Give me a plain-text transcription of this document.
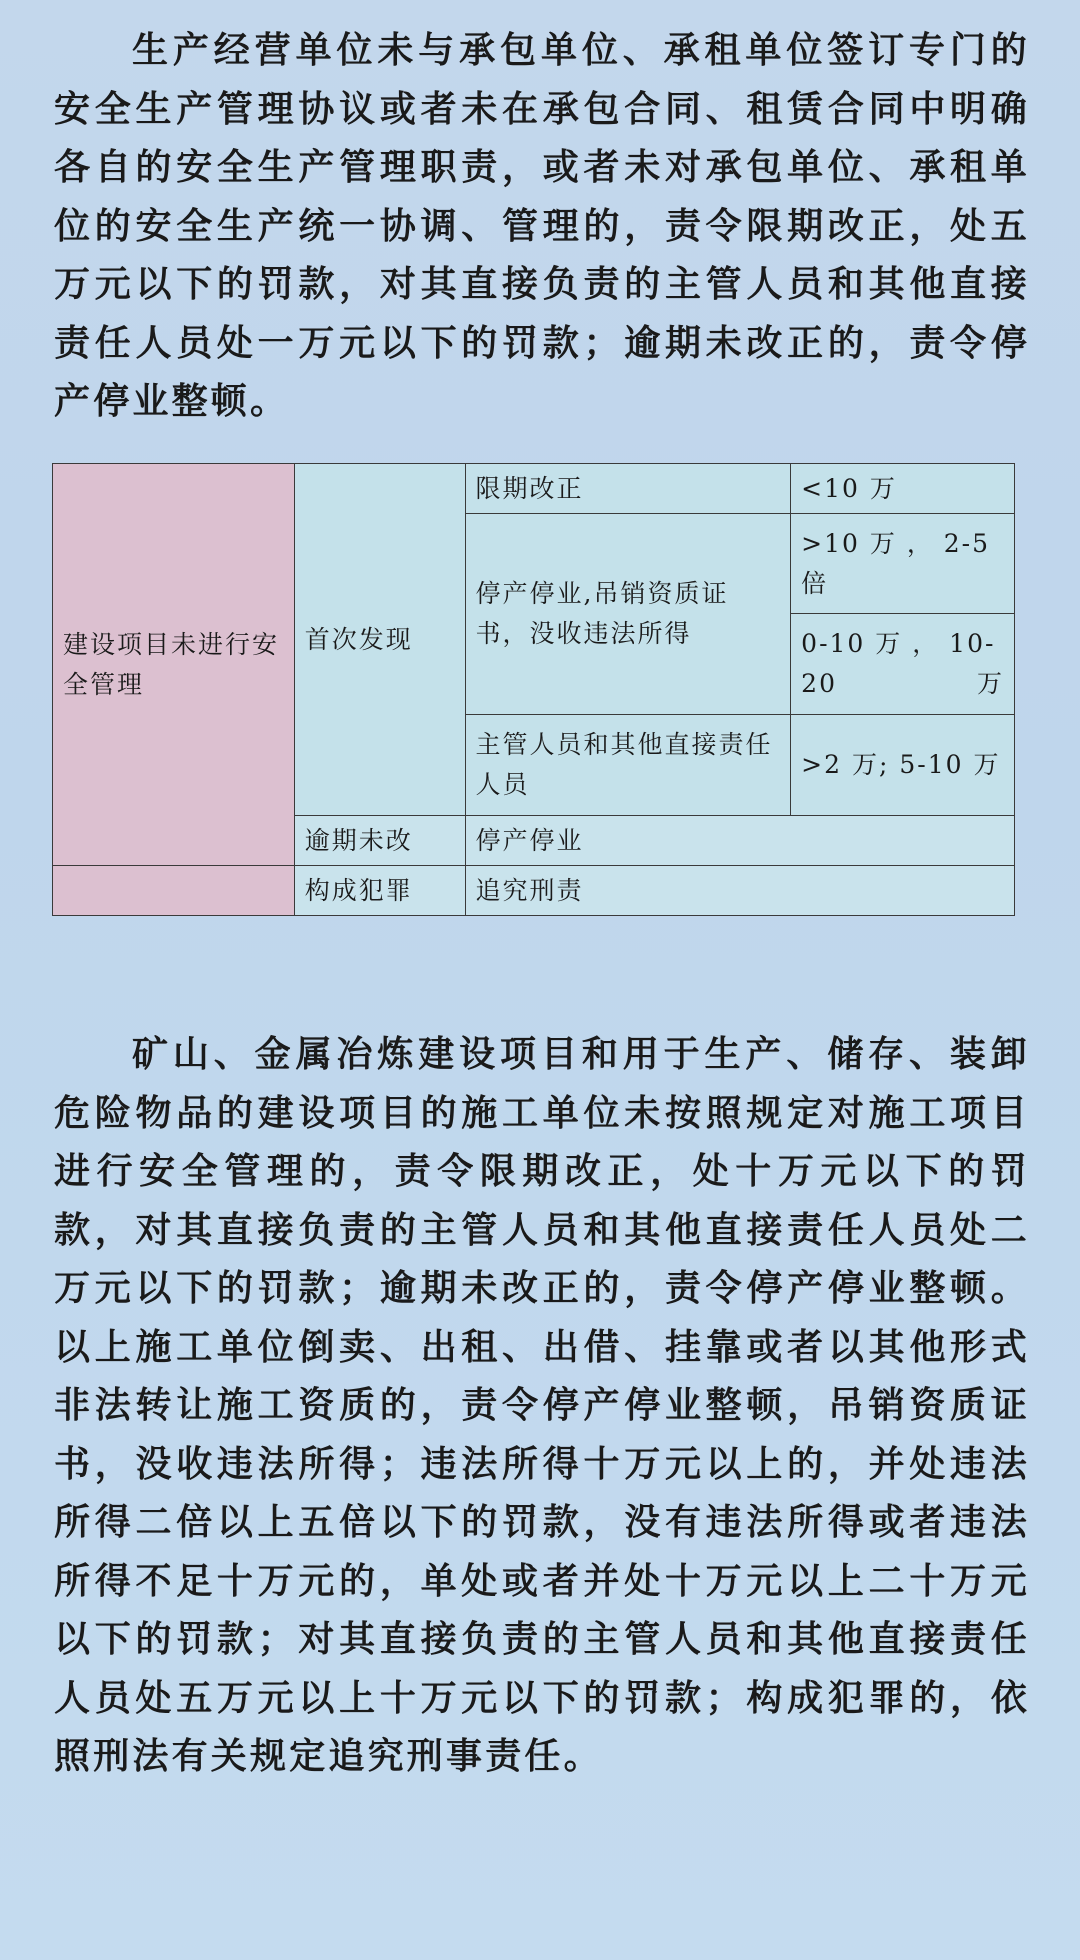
生产经营单位未与承包单位、承租单位签订专门的安全生产管理协议或者未在承包合同、租赁合同中明确各自的安全生产管理职责，或者未对承包单位、承租单位的安全生产统一协调、管理的，责令限期改正，处五万元以下的罚款，对其直接负责的主管人员和其他直接责任人员处一万元以下的罚款；逾期未改正的，责令停产停业整顿。

建设项目未进行安全管理	首次发现	限期改正	<10 万
		停产停业,吊销资质证书，没收违法所得	>10 万 ， 2-5 倍
			0-10 万 ， 10-20 万
		主管人员和其他直接责任人员	>2 万; 5-10 万

	逾期未改	停产停业	
	构成犯罪	追究刑责	

矿山、金属冶炼建设项目和用于生产、储存、装卸危险物品的建设项目的施工单位未按照规定对施工项目进行安全管理的，责令限期改正，处十万元以下的罚款，对其直接负责的主管人员和其他直接责任人员处二万元以下的罚款；逾期未改正的，责令停产停业整顿。以上施工单位倒卖、出租、出借、挂靠或者以其他形式非法转让施工资质的，责令停产停业整顿，吊销资质证书，没收违法所得；违法所得十万元以上的，并处违法所得二倍以上五倍以下的罚款，没有违法所得或者违法所得不足十万元的，单处或者并处十万元以上二十万元以下的罚款；对其直接负责的主管人员和其他直接责任人员处五万元以上十万元以下的罚款；构成犯罪的，依照刑法有关规定追究刑事责任。
